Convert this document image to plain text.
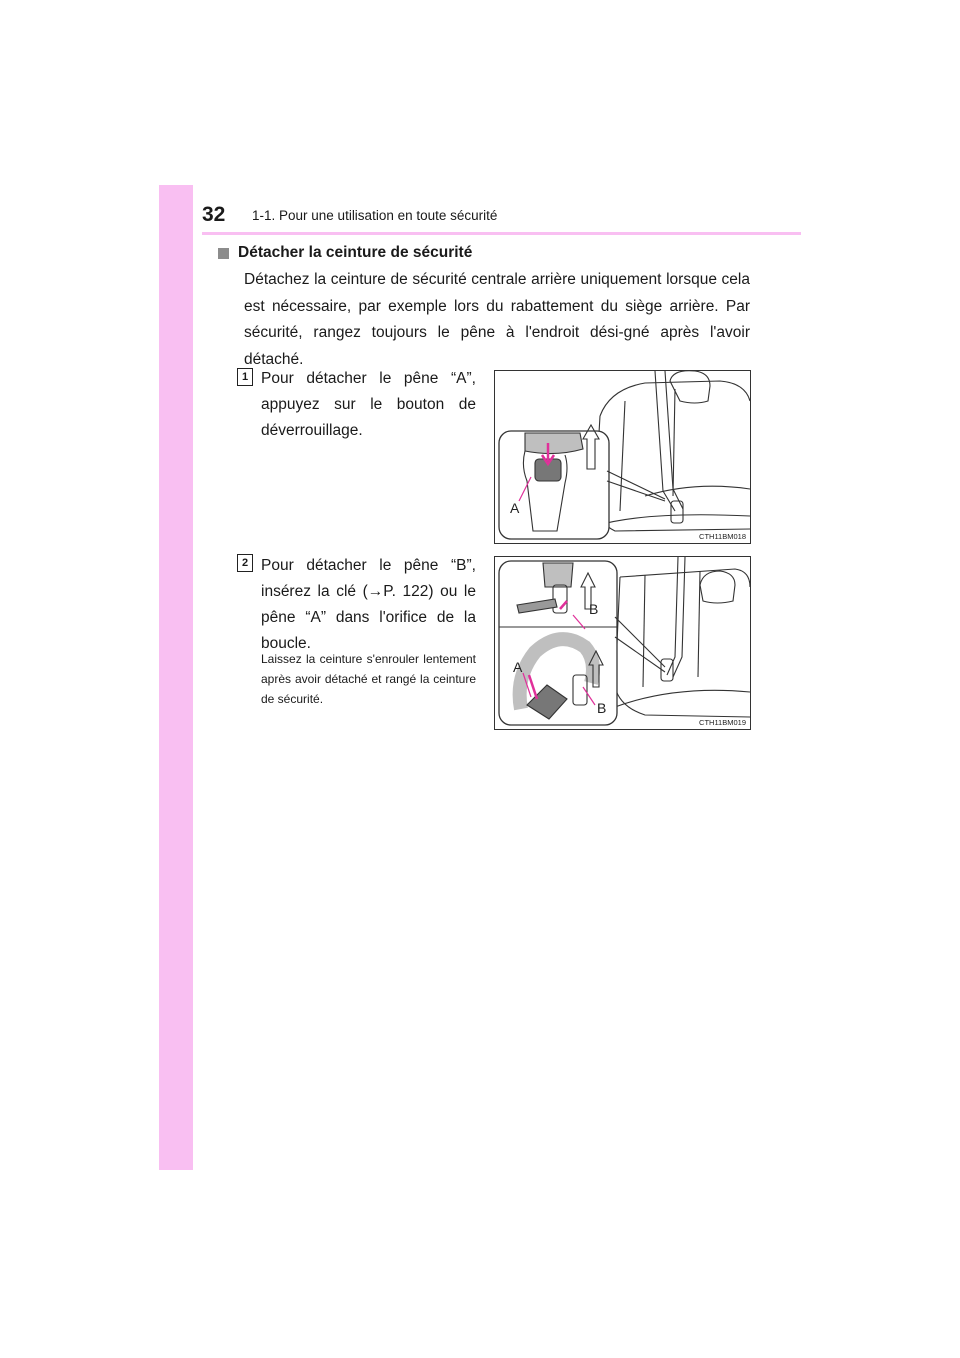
32 1-1. Pour une utilisation en toute sécurité
Détacher la ceinture de sécurité

Détachez la ceinture de sécurité centrale arrière uniquement lorsque cela est nécessaire, par exemple lors du rabattement du siège arrière. Par sécurité, rangez toujours le pêne à l'endroit dési-gné après l'avoir détaché.

1 Pour détacher le pêne “A”, appuyez sur le bouton de déverrouillage.

A
CTH11BM018
2 Pour détacher le pêne “B”, insérez la clé (→P. 122) ou le pêne “A” dans l'orifice de la boucle.

Laissez la ceinture s'enrouler lentement après avoir détaché et rangé la ceinture de sécurité.

B
A
B
CTH11BM019
